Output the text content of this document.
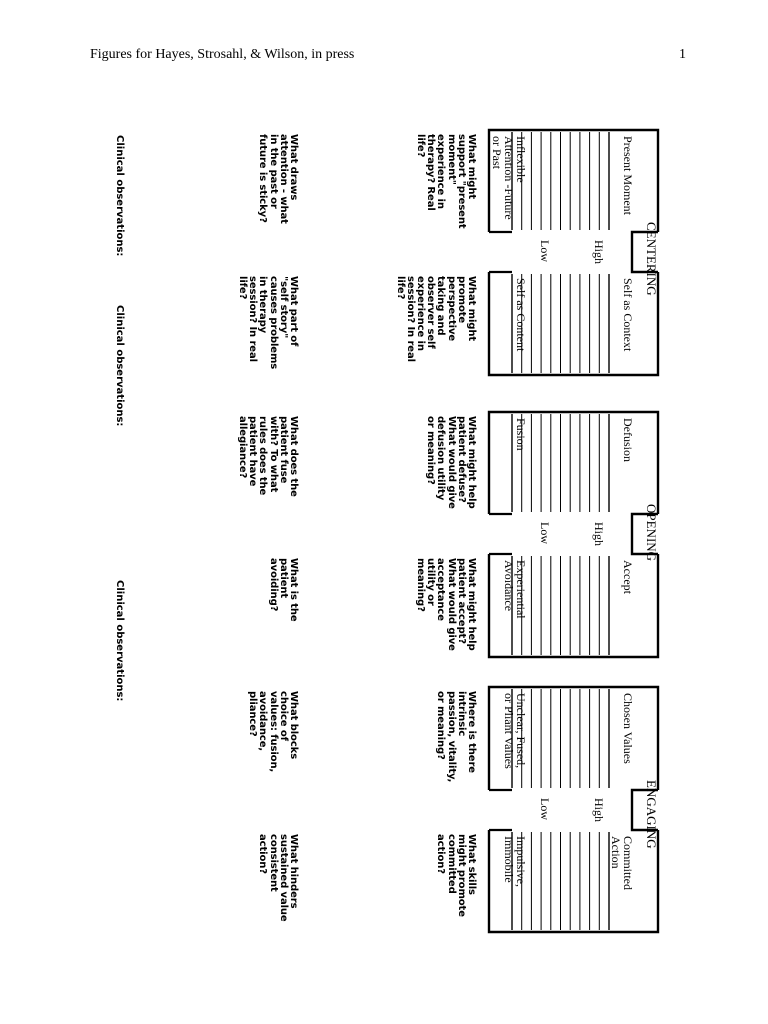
Figures for Hayes, Strosahl, & Wilson, in press	1
CENTERING
High
Low
Present Moment
Self as Context
Inflexible
Attention -Future
or Past
Self as Content
What might
support "present
moment"
experience in
therapy? Real
life?
What might
promote
perspective
taking and
observer self
experience in
session? In real
life?
What draws
attention - what
in the past or
future is sticky?
What part of
"self story"
causes problems
in therapy
session? In real
life?
Clinical observations:
OPENING
High
Low
Defusion
Accept
Fusion
Experiential
Avoidance
What might help
patient defuse?
What would give
defusion utility
or meaning?
What might help
patient accept?
What would give
acceptance
utility or
meaning?
What does the
patient fuse
with? To what
rules does the
patient have
allegiance?
What is the
patient
avoiding?
Clinical observations:
ENGAGING
High
Low
Chosen Values
Committed
Action
Unclear, Fused,
or Pliant Values
Impulsive,
Immobile
Where is there
intrinsic
passion, vitality,
or meaning?
What skills
might promote
committed
action?
What blocks
choice of
values: fusion,
avoidance,
pliance?
What hinders
sustained value
consistent
action?
Clinical observations:
